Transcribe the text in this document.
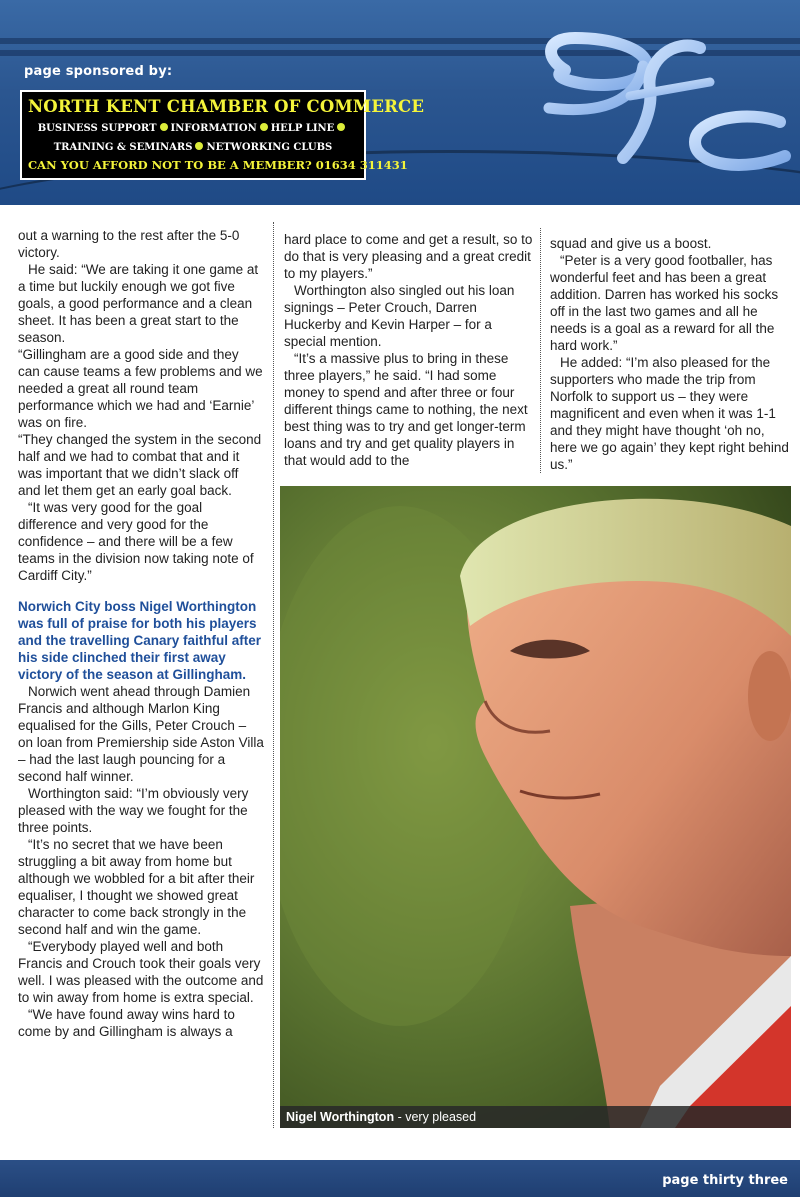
page sponsored by:
NORTH KENT CHAMBER OF COMMERCE
BUSINESS SUPPORT INFORMATION HELP LINE
TRAINING & SEMINARS NETWORKING CLUBS
CAN YOU AFFORD NOT TO BE A MEMBER? 01634 311431

out a warning to the rest after the 5-0 victory.

He said: “We are taking it one game at a time but luckily enough we got five goals, a good performance and a clean sheet. It has been a great start to the season.

“Gillingham are a good side and they can cause teams a few problems and we needed a great all round team performance which we had and ‘Earnie’ was on fire.

“They changed the system in the second half and we had to combat that and it was important that we didn’t slack off and let them get an early goal back.

“It was very good for the goal difference and very good for the confidence – and there will be a few teams in the division now taking note of Cardiff City.”

Norwich City boss Nigel Worthington was full of praise for both his players and the travelling Canary faithful after his side clinched their first away victory of the season at Gillingham.

Norwich went ahead through Damien Francis and although Marlon King equalised for the Gills, Peter Crouch – on loan from Premiership side Aston Villa – had the last laugh pouncing for a second half winner.

Worthington said: “I’m obviously very pleased with the way we fought for the three points.

“It’s no secret that we have been struggling a bit away from home but although we wobbled for a bit after their equaliser, I thought we showed great character to come back strongly in the second half and win the game.

“Everybody played well and both Francis and Crouch took their goals very well. I was pleased with the outcome and to win away from home is extra special.

“We have found away wins hard to come by and Gillingham is always a

hard place to come and get a result, so to do that is very pleasing and a great credit to my players.”

Worthington also singled out his loan signings – Peter Crouch, Darren Huckerby and Kevin Harper – for a special mention.

“It’s a massive plus to bring in these three players,” he said. “I had some money to spend and after three or four different things came to nothing, the next best thing was to try and get longer-term loans and try and get quality players in that would add to the

squad and give us a boost.

“Peter is a very good footballer, has wonderful feet and has been a great addition. Darren has worked his socks off in the last two games and all he needs is a goal as a reward for all the hard work.”

He added: “I’m also pleased for the supporters who made the trip from Norfolk to support us – they were magnificent and even when it was 1-1 and they might have thought ‘oh no, here we go again’ they kept right behind us.”

Nigel Worthington - very pleased
page thirty three
